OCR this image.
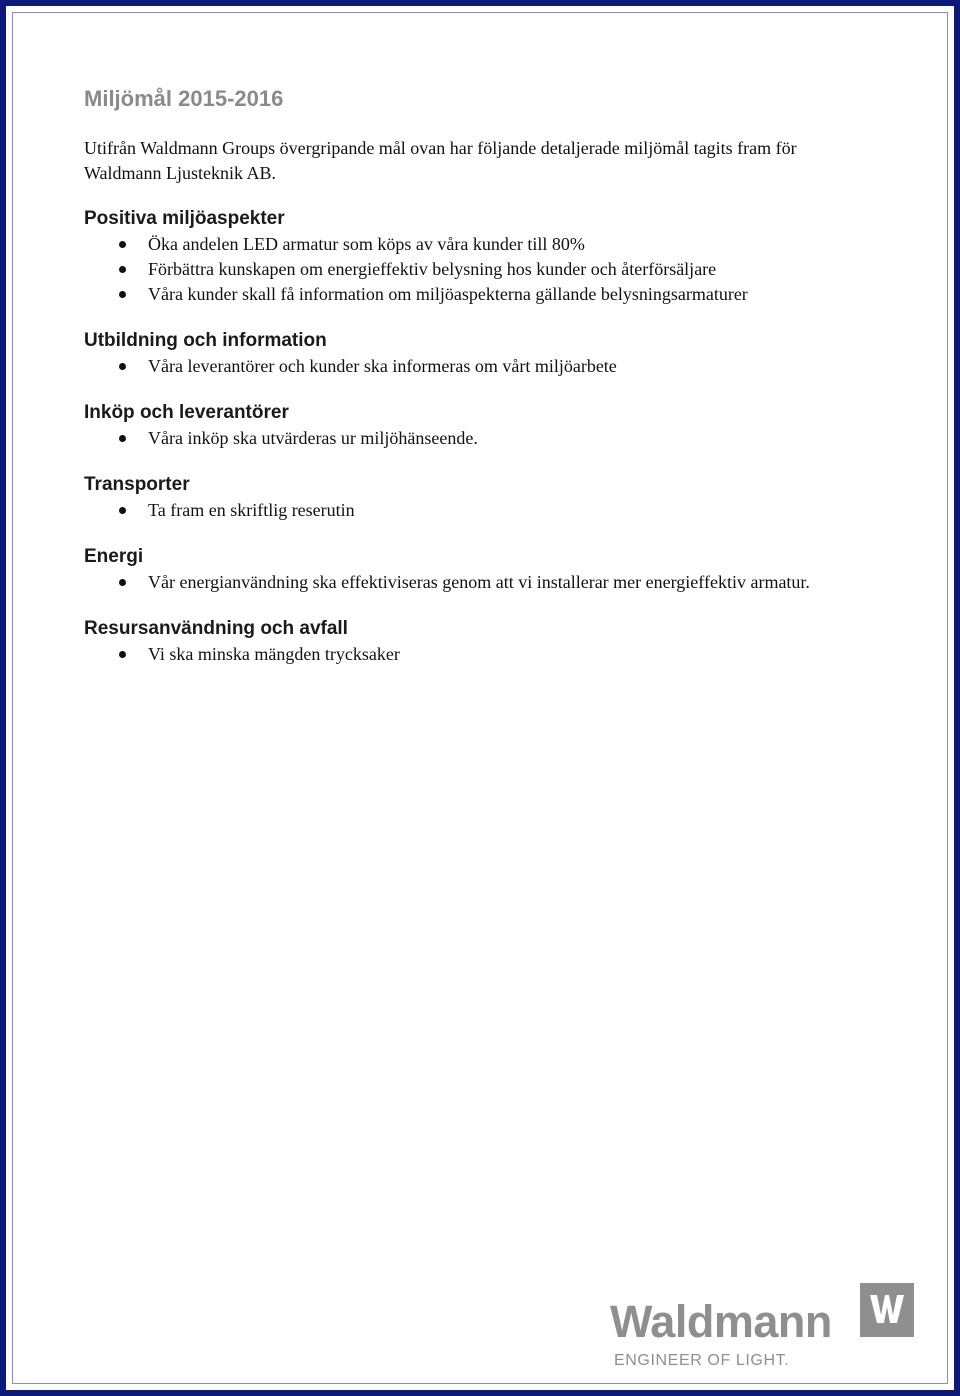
Miljömål 2015-2016

Utifrån Waldmann Groups övergripande mål ovan har följande detaljerade miljömål tagits fram för Waldmann Ljusteknik AB.

Positiva miljöaspekter
Öka andelen LED armatur som köps av våra kunder till 80%
Förbättra kunskapen om energieffektiv belysning hos kunder och återförsäljare
Våra kunder skall få information om miljöaspekterna gällande belysningsarmaturer
Utbildning och information
Våra leverantörer och kunder ska informeras om vårt miljöarbete
Inköp och leverantörer
Våra inköp ska utvärderas ur miljöhänseende.
Transporter
Ta fram en skriftlig reserutin
Energi
Vår energianvändning ska effektiviseras genom att vi installerar mer energieffektiv armatur.
Resursanvändning och avfall
Vi ska minska mängden trycksaker
Waldmann
ENGINEER OF LIGHT.
